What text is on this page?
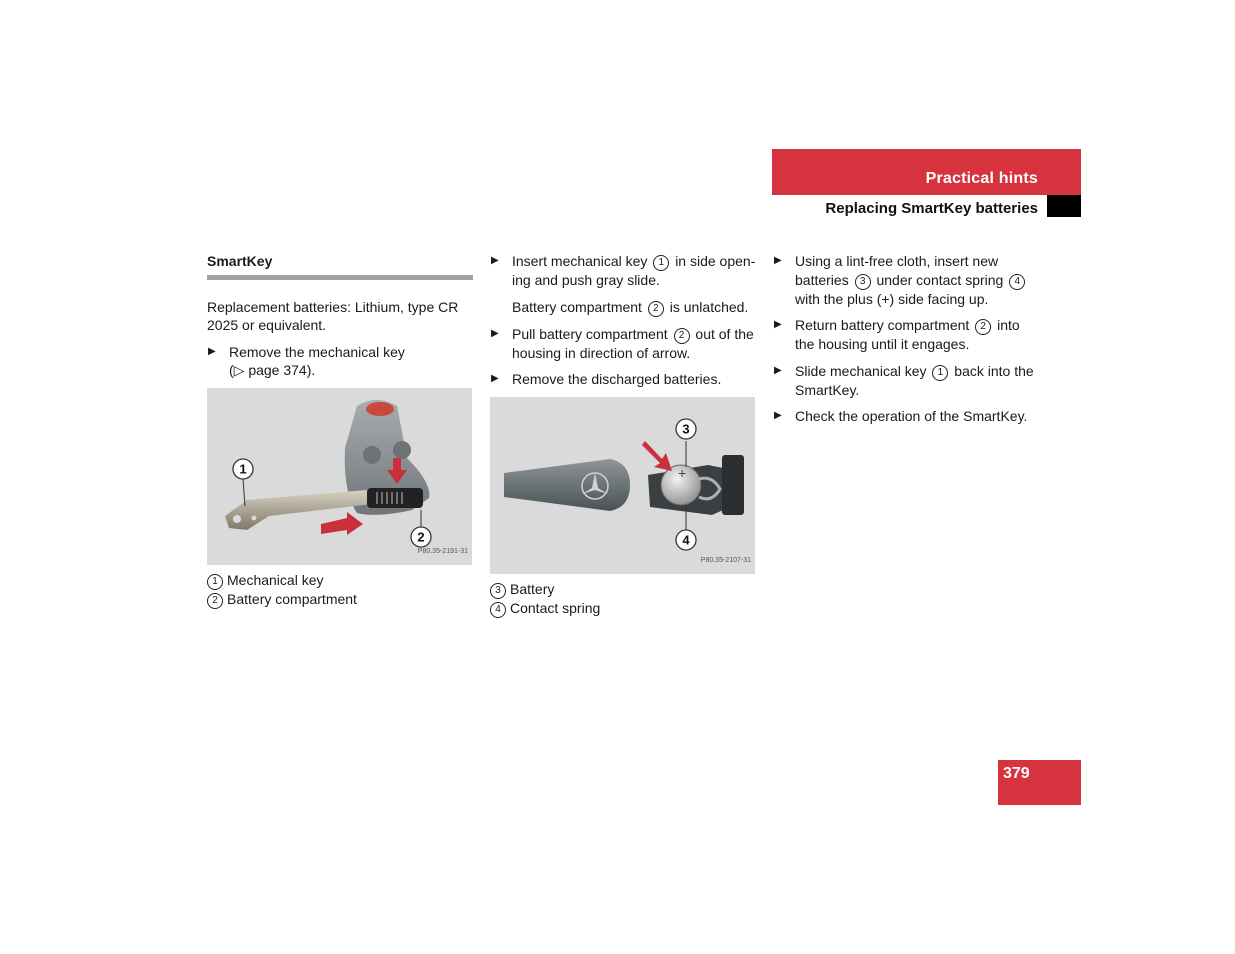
Practical hints
Replacing SmartKey batteries
SmartKey

Replacement batteries: Lithium, type CR 2025 or equivalent.

▶ Remove the mechanical key
(▷ page 374).
1
2
P80.35-2191-31

1 Mechanical key

2 Battery compartment

▶ Insert mechanical key 1 in side open-ing and push gray slide.

Battery compartment 2 is unlatched.

▶ Pull battery compartment 2 out of the housing in direction of arrow.
▶ Remove the discharged batteries.
+
3
4
P80.35-2107-31

3 Battery

4 Contact spring

▶ Using a lint-free cloth, insert new batteries 3 under contact spring 4 with the plus (+) side facing up.
▶ Return battery compartment 2 into the housing until it engages.
▶ Slide mechanical key 1 back into the SmartKey.
▶ Check the operation of the SmartKey.
379
